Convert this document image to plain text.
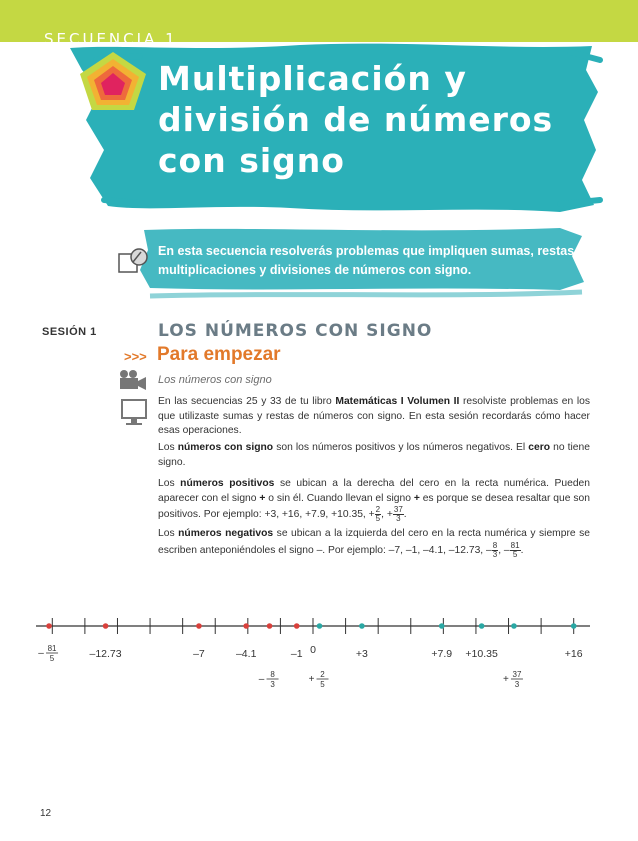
SECUENCIA 1
Multiplicación y
división de números
con signo
En esta secuencia resolverás problemas que impliquen sumas, restas, multiplicaciones y divisiones de números con signo.
SESIÓN 1	LOS NÚMEROS CON SIGNO
>>> Para empezar
Los números con signo
En las secuencias 25 y 33 de tu libro Matemáticas I Volumen II resolviste problemas en los que utilizaste sumas y restas de números con signo. En esta sesión recordarás cómo hacer esas operaciones.
Los números con signo son los números positivos y los números negativos. El cero no tiene signo.
Los números positivos se ubican a la derecha del cero en la recta numérica. Pueden aparecer con el signo + o sin él. Cuando llevan el signo + es porque se desea resaltar que son positivos. Por ejemplo: +3, +16, +7.9, +10.35, + $\frac{2}{5}$ , + $\frac{37}{3}$ .
Los números negativos se ubican a la izquierda del cero en la recta numérica y siempre se escriben anteponiéndoles el signo –. Por ejemplo: –7, –1, –4.1, –12.73, – $\frac{8}{3}$ , – $\frac{81}{5}$ .
– 81
5	–12.73	–7	–4.1
– 8
3
–1 0
+ 2
5
+3	+7.9 +10.35
+ 37
3
+16
12
